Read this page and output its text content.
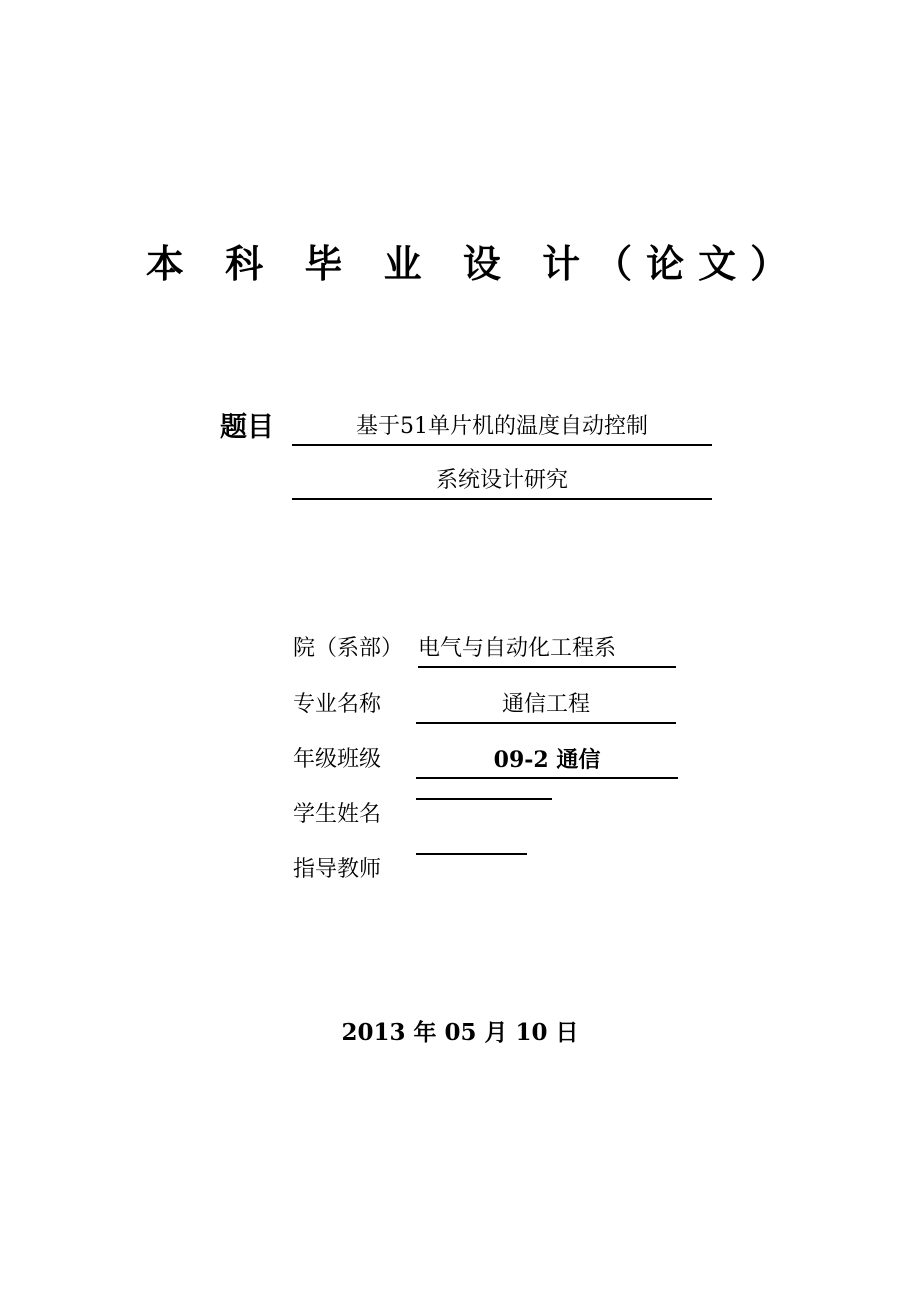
本 科 毕 业 设 计（论文）
题目	基于51单片机的温度自动控制
系统设计研究
院（系部） 电气与自动化工程系
专业名称	通信工程
年级班级	09-2 通信
学生姓名
指导教师
2013 年 05 月 10 日
